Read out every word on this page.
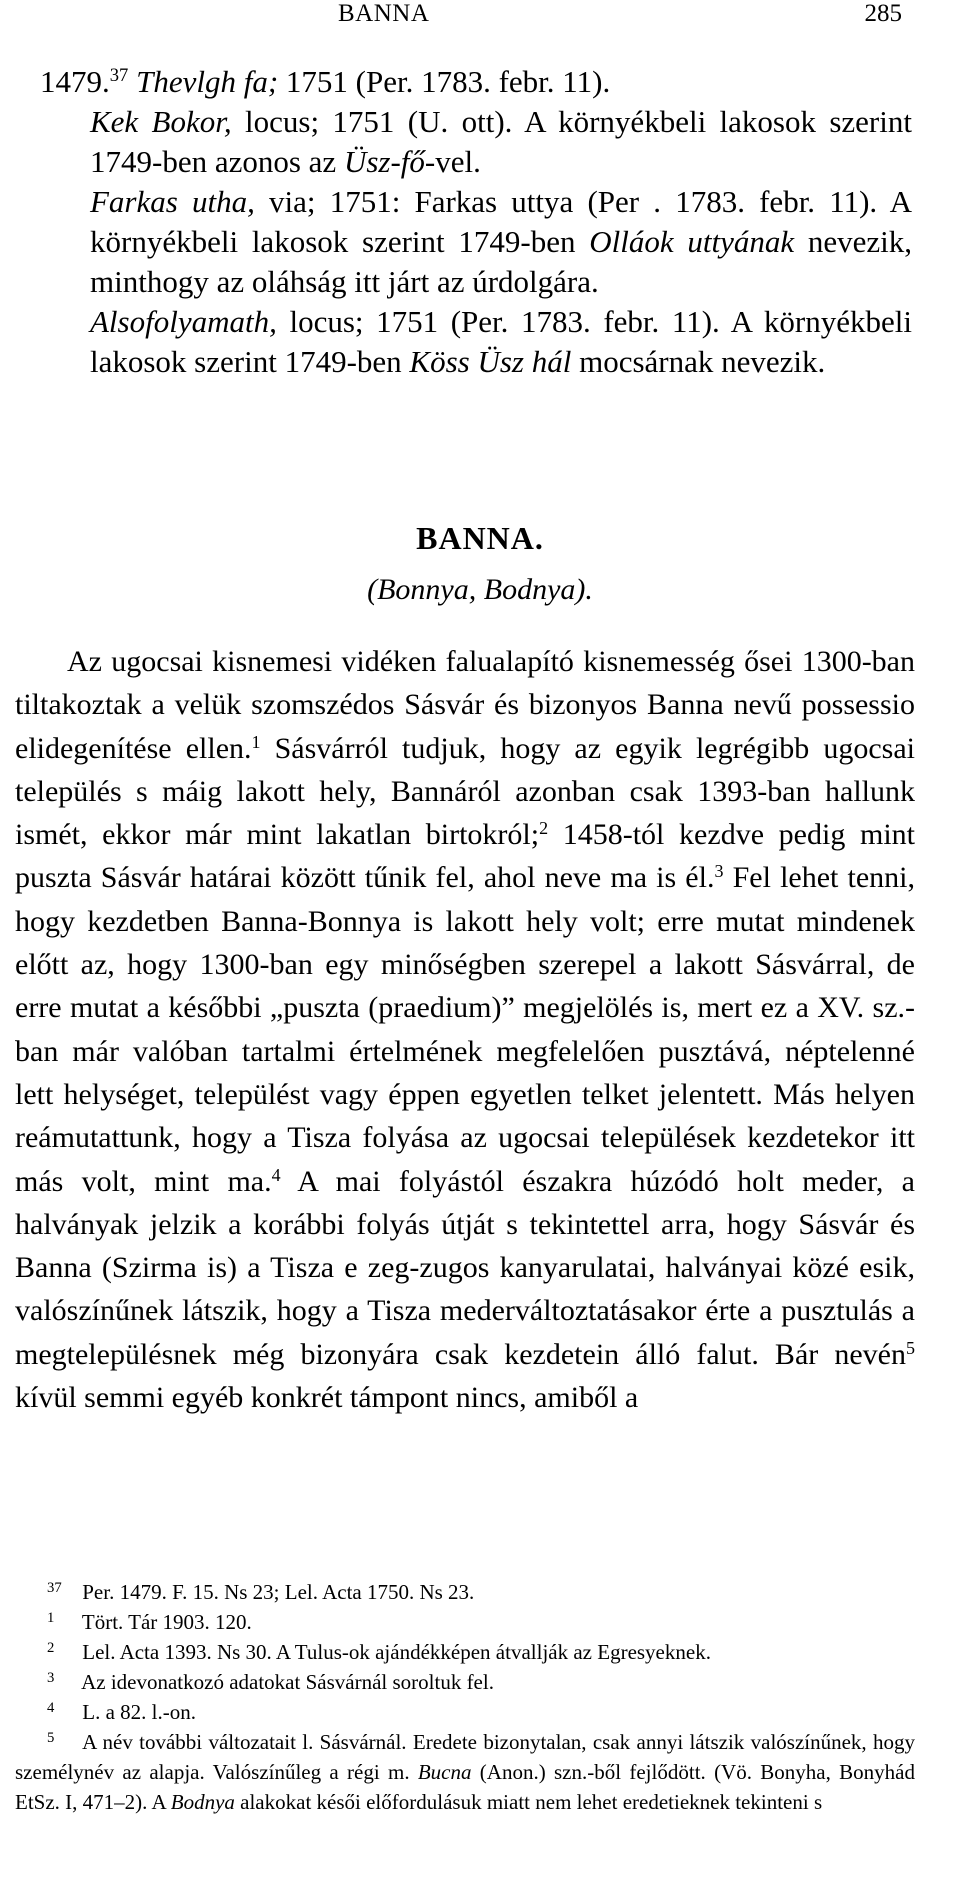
BANNA	285

1479.37 Thevlgh fa; 1751 (Per. 1783. febr. 11).

Kek Bokor, locus; 1751 (U. ott). A környékbeli lakosok szerint 1749-ben azonos az Üsz-fő-vel.

Farkas utha, via; 1751: Farkas uttya (Per . 1783. febr. 11). A környékbeli lakosok szerint 1749-ben Olláok uttyának nevezik, minthogy az oláhság itt járt az úrdolgára.

Alsofolyamath, locus; 1751 (Per. 1783. febr. 11). A környékbeli lakosok szerint 1749-ben Köss Üsz hál mocsárnak nevezik.

BANNA.
(Bonnya, Bodnya).

Az ugocsai kisnemesi vidéken falualapító kisnemesség ősei 1300-ban tiltakoztak a velük szomszédos Sásvár és bizonyos Banna nevű possessio elidegenítése ellen.$^1$ Sásvárról tudjuk, hogy az egyik legrégibb ugocsai település s máig lakott hely, Bannáról azonban csak 1393-ban hallunk ismét, ekkor már mint lakatlan birtokról;$^2$ 1458-tól kezdve pedig mint puszta Sásvár határai között tűnik fel, ahol neve ma is él.$^3$ Fel lehet tenni, hogy kezdetben Banna-Bonnya is lakott hely volt; erre mutat mindenek előtt az, hogy 1300-ban egy minőségben szerepel a lakott Sásvárral, de erre mutat a későbbi „puszta (praedium)” megjelölés is, mert ez a XV. sz.-ban már valóban tartalmi értelmének megfelelően pusztává, néptelenné lett helységet, települést vagy éppen egyetlen telket jelentett. Más helyen reámutattunk, hogy a Tisza folyása az ugocsai települések kezdetekor itt más volt, mint ma.$^4$ A mai folyástól északra húzódó holt meder, a halványak jelzik a korábbi folyás útját s tekintettel arra, hogy Sásvár és Banna (Szirma is) a Tisza e zeg-zugos kanyarulatai, halványai közé esik, valószínűnek látszik, hogy a Tisza mederváltoztatásakor érte a pusztulás a megtelepülésnek még bizonyára csak kezdetein álló falut. Bár nevén$^5$ kívül semmi egyéb konkrét támpont nincs, amiből a

$^{37}$ Per. 1479. F. 15. Ns 23; Lel. Acta 1750. Ns 23.

$^1$ Tört. Tár 1903. 120.

$^2$ Lel. Acta 1393. Ns 30. A Tulus-ok ajándékképen átvallják az Egresyeknek.

$^3$ Az idevonatkozó adatokat Sásvárnál soroltuk fel.

$^4$ L. a 82. l.-on.

$^5$ A név további változatait l. Sásvárnál. Eredete bizonytalan, csak annyi látszik valószínűnek, hogy személynév az alapja. Valószínűleg a régi m. Bucna (Anon.) szn.-ből fejlődött. (Vö. Bonyha, Bonyhád EtSz. I, 471–2). A Bodnya alakokat késői előfordulásuk miatt nem lehet eredetieknek tekinteni s
